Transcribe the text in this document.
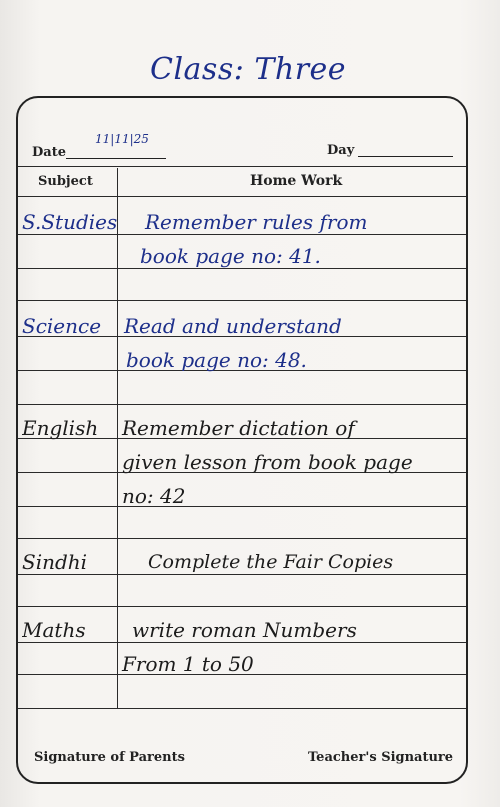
Class: Three
Date
11|11|25
Day
Subject	Home Work
S.Studies Remember rules from
book page no: 41.
Science	Read and understand
book page no: 48.
English	Remember dictation of
given lesson from book page
no: 42
Sindhi	Complete the Fair Copies
Maths	write roman Numbers
From 1 to 50
Signature of Parents	Teacher's Signature
